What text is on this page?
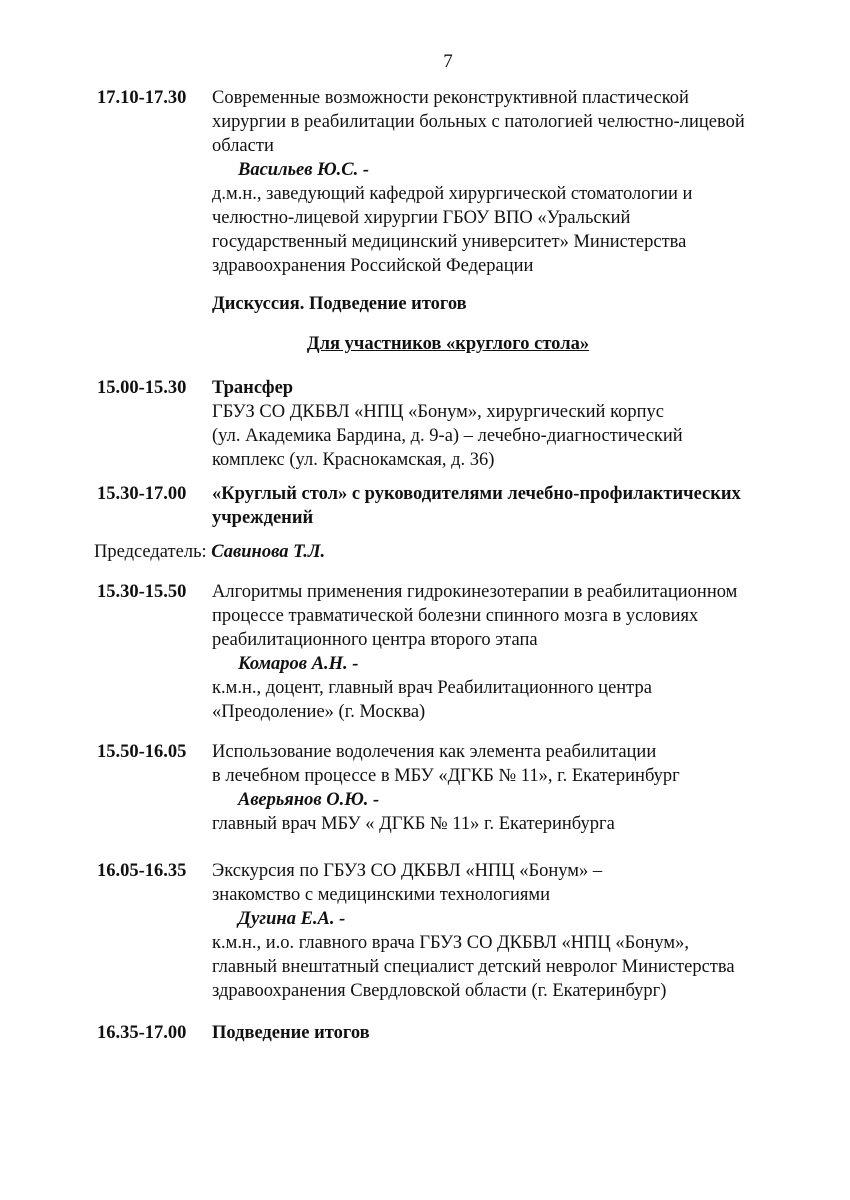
7
17.10-17.30 Современные возможности реконструктивной пластической
хирургии в реабилитации больных с патологией челюстно-лицевой
области
Васильев Ю.С. -
д.м.н., заведующий кафедрой хирургической стоматологии и
челюстно-лицевой хирургии ГБОУ ВПО «Уральский
государственный медицинский университет» Министерства
здравоохранения Российской Федерации
Дискуссия. Подведение итогов
Для участников «круглого стола»
15.00-15.30 Трансфер
ГБУЗ СО ДКБВЛ «НПЦ «Бонум», хирургический корпус
(ул. Академика Бардина, д. 9-а) – лечебно-диагностический
комплекс (ул. Краснокамская, д. 36)
15.30-17.00 «Круглый стол» с руководителями лечебно-профилактических
учреждений
Председатель: Савинова Т.Л.
15.30-15.50 Алгоритмы применения гидрокинезотерапии в реабилитационном
процессе травматической болезни спинного мозга в условиях
реабилитационного центра второго этапа
Комаров А.Н. -
к.м.н., доцент, главный врач Реабилитационного центра
«Преодоление» (г. Москва)
15.50-16.05 Использование водолечения как элемента реабилитации
в лечебном процессе в МБУ «ДГКБ № 11», г. Екатеринбург
Аверьянов О.Ю. -
главный врач МБУ « ДГКБ № 11» г. Екатеринбурга
16.05-16.35 Экскурсия по ГБУЗ СО ДКБВЛ «НПЦ «Бонум» –
знакомство с медицинскими технологиями
Дугина Е.А. -
к.м.н., и.о. главного врача ГБУЗ СО ДКБВЛ «НПЦ «Бонум»,
главный внештатный специалист детский невролог Министерства
здравоохранения Свердловской области (г. Екатеринбург)
16.35-17.00 Подведение итогов
